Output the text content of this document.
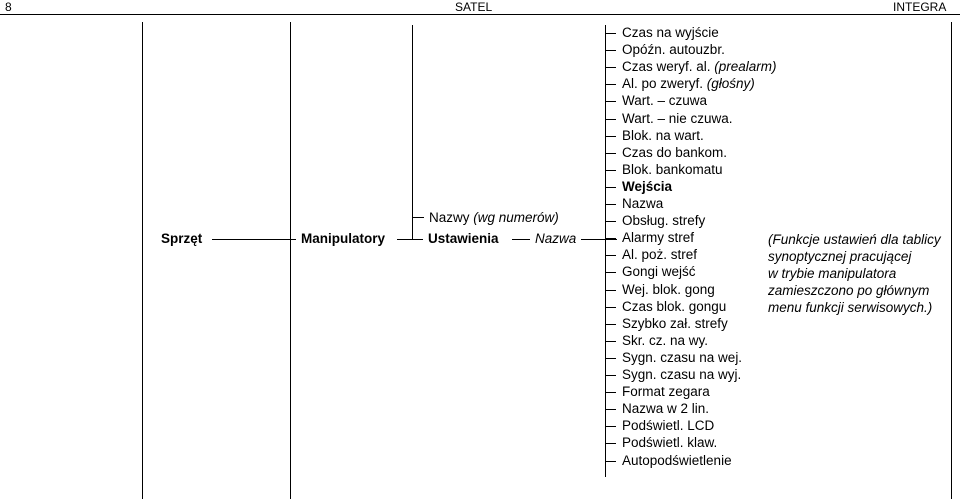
8	SATEL	INTEGRA
Sprzęt	Manipulatory	Ustawienia	Nazwa
Nazwy (wg numerów)
Czas na wyjście
Opóźn. autouzbr.
Czas weryf. al. (prealarm)
Al. po zweryf. (głośny)
Wart. – czuwa
Wart. – nie czuwa.
Blok. na wart.
Czas do bankom.
Blok. bankomatu
Wejścia
Nazwa
Obsług. strefy
Alarmy stref
Al. poż. stref
Gongi wejść
Wej. blok. gong
Czas blok. gongu
Szybko zał. strefy
Skr. cz. na wy.
Sygn. czasu na wej.
Sygn. czasu na wyj.
Format zegara
Nazwa w 2 lin.
Podświetl. LCD
Podświetl. klaw.
Autopodświetlenie
(Funkcje ustawień dla tablicy
synoptycznej pracującej
w trybie manipulatora
zamieszczono po głównym
menu funkcji serwisowych.)
